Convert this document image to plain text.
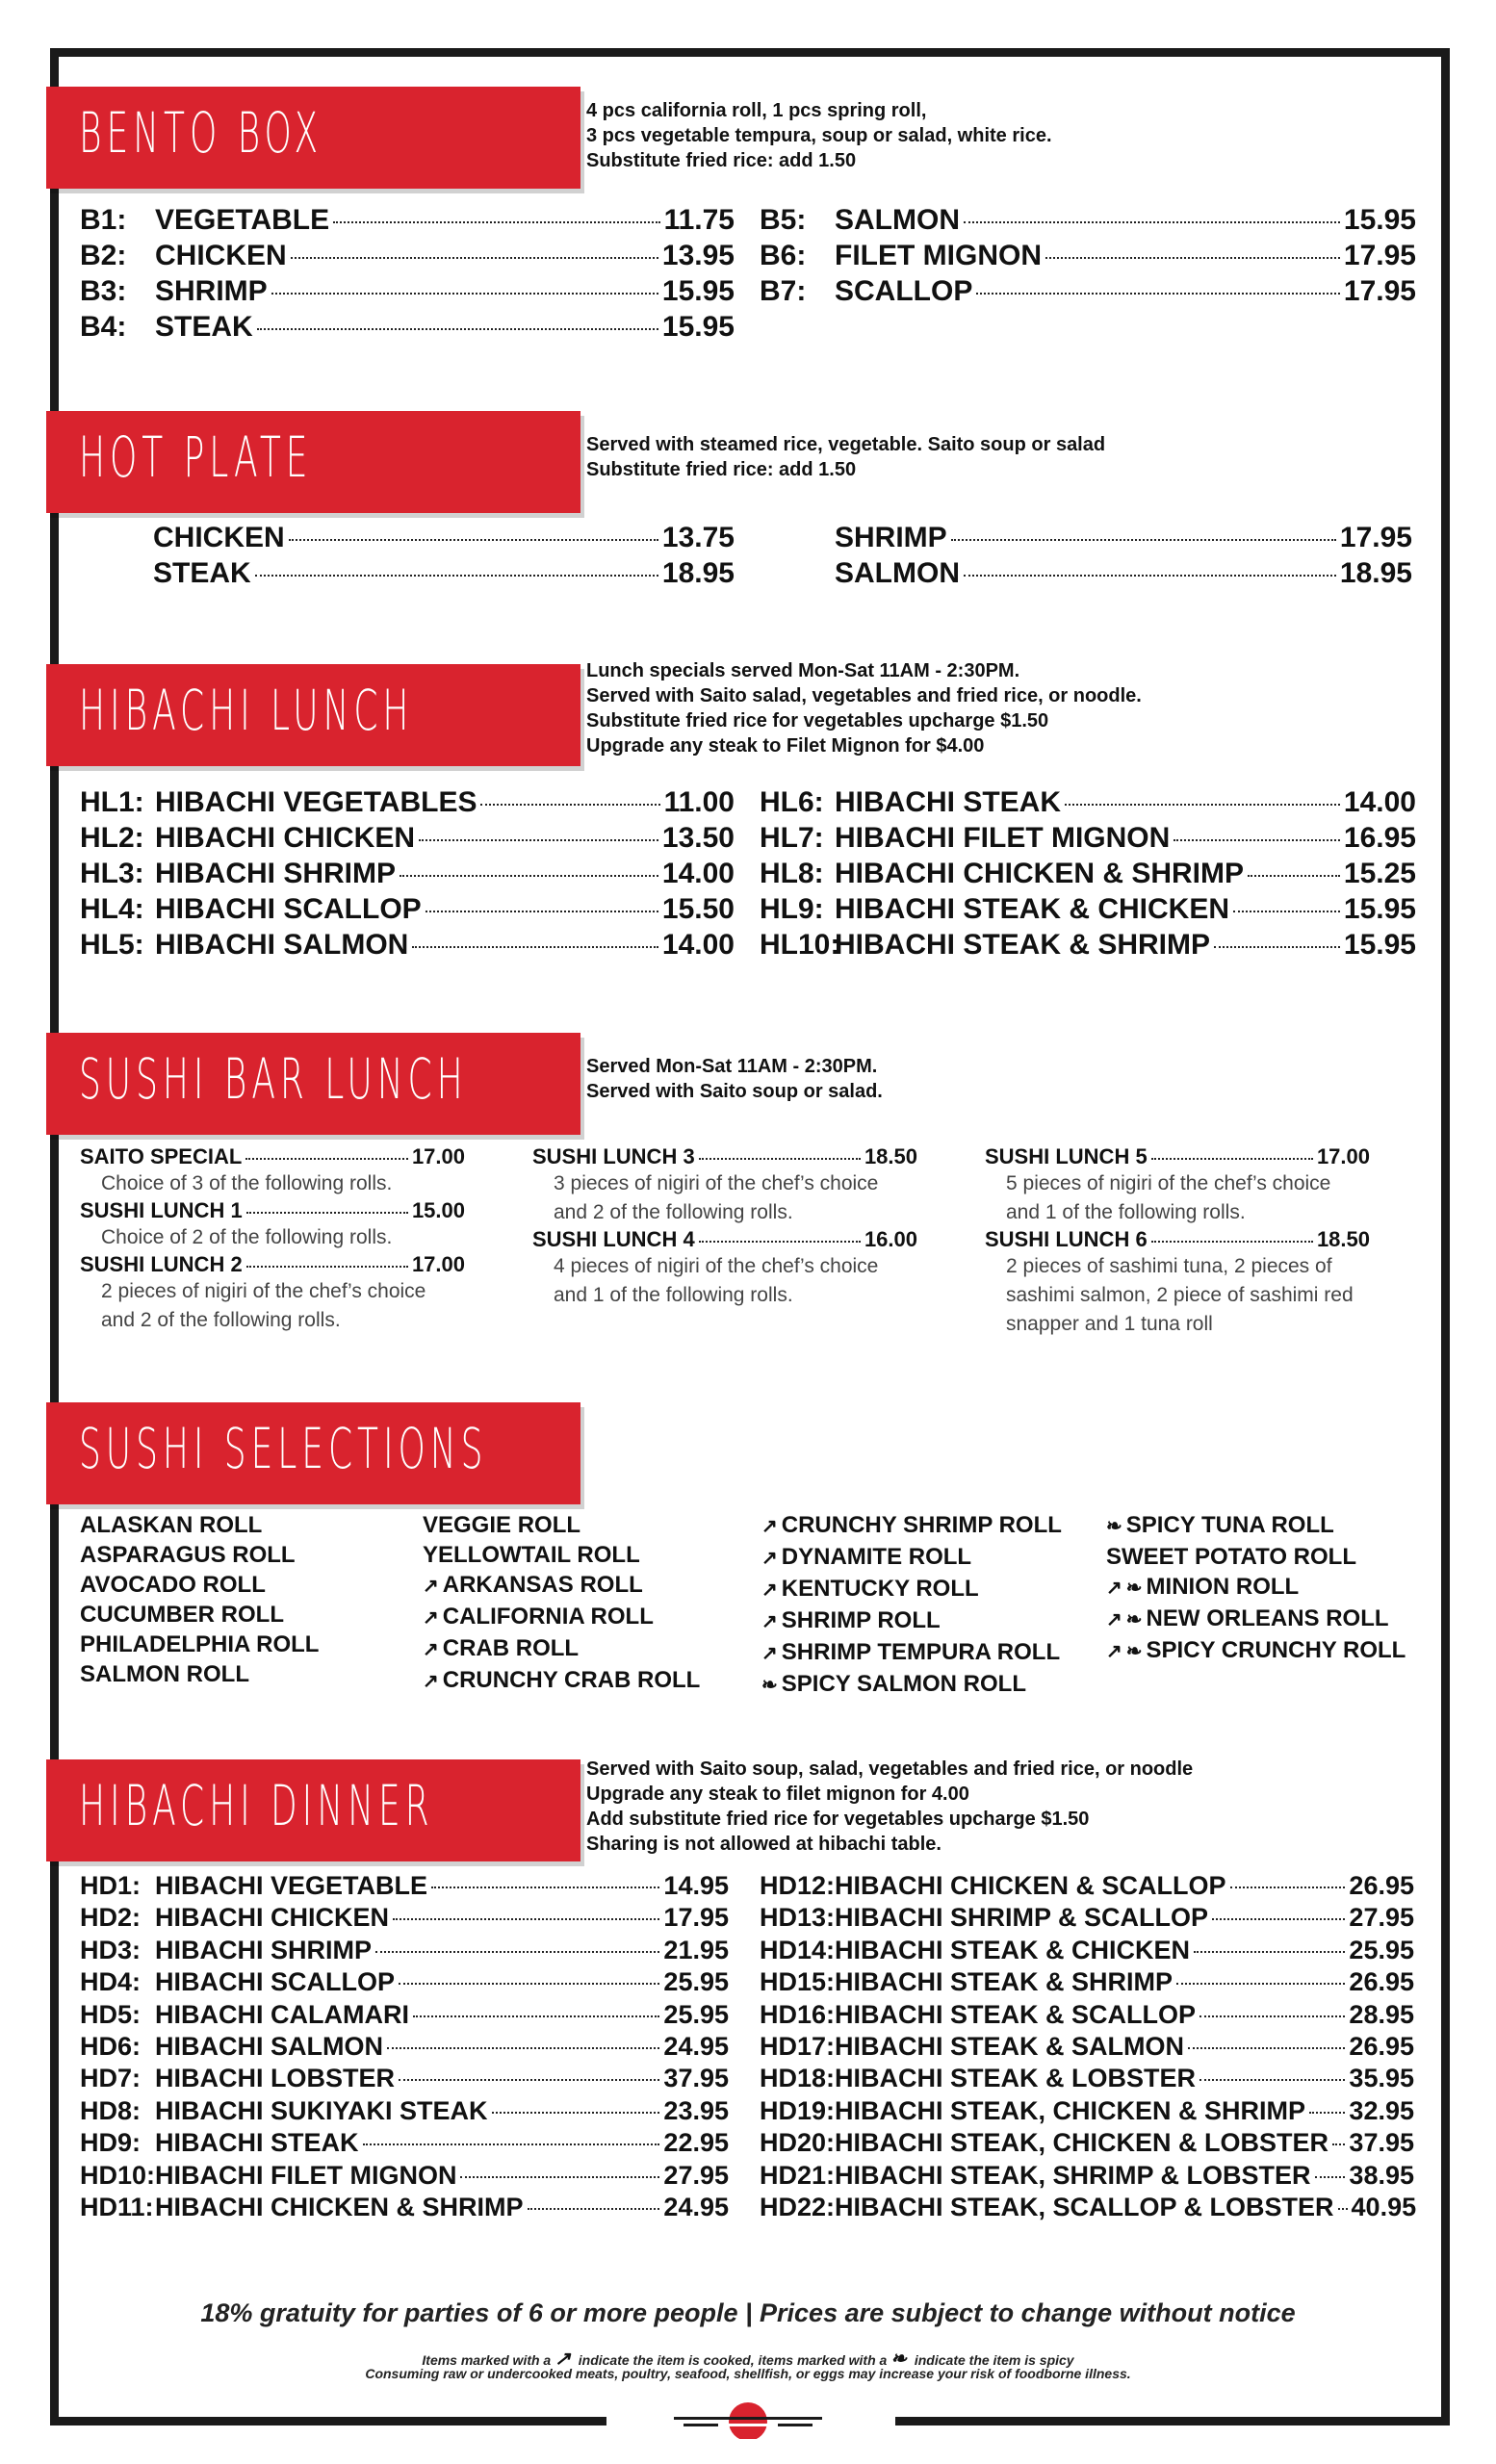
BENTO BOX	4 pcs california roll, 1 pcs spring roll,
3 pcs vegetable tempura, soup or salad, white rice.
Substitute fried rice: add 1.50
B1: VEGETABLE	11.75
B2: CHICKEN	13.95
B3: SHRIMP	15.95
B4: STEAK	15.95
B5: SALMON	15.95
B6: FILET MIGNON	17.95
B7: SCALLOP	17.95
HOT PLATE	Served with steamed rice, vegetable. Saito soup or salad
Substitute fried rice: add 1.50
CHICKEN	13.75
STEAK	18.95
SHRIMP	17.95
SALMON	18.95
HIBACHI LUNCH
Lunch specials served Mon-Sat 11AM - 2:30PM.
Served with Saito salad, vegetables and fried rice, or noodle.
Substitute fried rice for vegetables upcharge $1.50
Upgrade any steak to Filet Mignon for $4.00
HL1: HIBACHI VEGETABLES	11.00
HL2: HIBACHI CHICKEN	13.50
HL3: HIBACHI SHRIMP	14.00
HL4: HIBACHI SCALLOP	15.50
HL5: HIBACHI SALMON	14.00
HL6: HIBACHI STEAK	14.00
HL7: HIBACHI FILET MIGNON	16.95
HL8: HIBACHI CHICKEN & SHRIMP	15.25
HL9: HIBACHI STEAK & CHICKEN	15.95
HL10:
HIBACHI STEAK & SHRIMP	15.95
SUSHI BAR LUNCH	Served Mon-Sat 11AM - 2:30PM.
Served with Saito soup or salad.
SAITO SPECIAL	17.00
Choice of 3 of the following rolls.
SUSHI LUNCH 1	15.00
Choice of 2 of the following rolls.
SUSHI LUNCH 2	17.00
2 pieces of nigiri of the chef’s choice
and 2 of the following rolls.
SUSHI LUNCH 3	18.50
3 pieces of nigiri of the chef’s choice
and 2 of the following rolls.
SUSHI LUNCH 4	16.00
4 pieces of nigiri of the chef’s choice
and 1 of the following rolls.
SUSHI LUNCH 5	17.00
5 pieces of nigiri of the chef’s choice
and 1 of the following rolls.
SUSHI LUNCH 6	18.50
2 pieces of sashimi tuna, 2 pieces of
sashimi salmon, 2 piece of sashimi red
snapper and 1 tuna roll
SUSHI SELECTIONS
ALASKAN ROLL
ASPARAGUS ROLL
AVOCADO ROLL
CUCUMBER ROLL
PHILADELPHIA ROLL
SALMON ROLL
VEGGIE ROLL
YELLOWTAIL ROLL
↗ ARKANSAS ROLL
↗ CALIFORNIA ROLL
↗ CRAB ROLL
↗ CRUNCHY CRAB ROLL
↗ CRUNCHY SHRIMP ROLL
↗ DYNAMITE ROLL
↗ KENTUCKY ROLL
↗ SHRIMP ROLL
↗ SHRIMP TEMPURA ROLL
❧ SPICY SALMON ROLL
❧ SPICY TUNA ROLL
SWEET POTATO ROLL
↗ ❧ MINION ROLL
↗ ❧ NEW ORLEANS ROLL
↗ ❧ SPICY CRUNCHY ROLL
HIBACHI DINNER
Served with Saito soup, salad, vegetables and fried rice, or noodle
Upgrade any steak to filet mignon for 4.00
Add substitute fried rice for vegetables upcharge $1.50
Sharing is not allowed at hibachi table.
HD1: HIBACHI VEGETABLE	14.95
HD2: HIBACHI CHICKEN	17.95
HD3: HIBACHI SHRIMP	21.95
HD4: HIBACHI SCALLOP	25.95
HD5: HIBACHI CALAMARI	25.95
HD6: HIBACHI SALMON	24.95
HD7: HIBACHI LOBSTER	37.95
HD8: HIBACHI SUKIYAKI STEAK	23.95
HD9: HIBACHI STEAK	22.95
HD10: HIBACHI FILET MIGNON	27.95
HD11: HIBACHI CHICKEN & SHRIMP	24.95
HD12: HIBACHI CHICKEN & SCALLOP	26.95
HD13: HIBACHI SHRIMP & SCALLOP	27.95
HD14: HIBACHI STEAK & CHICKEN	25.95
HD15: HIBACHI STEAK & SHRIMP	26.95
HD16: HIBACHI STEAK & SCALLOP	28.95
HD17: HIBACHI STEAK & SALMON	26.95
HD18: HIBACHI STEAK & LOBSTER	35.95
HD19: HIBACHI STEAK, CHICKEN & SHRIMP 32.95
HD20: HIBACHI STEAK, CHICKEN & LOBSTER 37.95
HD21: HIBACHI STEAK, SHRIMP & LOBSTER 38.95
HD22: HIBACHI STEAK, SCALLOP & LOBSTER 40.95
18% gratuity for parties of 6 or more people | Prices are subject to change without notice
Items marked with a ↗ indicate the item is cooked, items marked with a ❧ indicate the item is spicy
Consuming raw or undercooked meats, poultry, seafood, shellfish, or eggs may increase your risk of foodborne illness.
